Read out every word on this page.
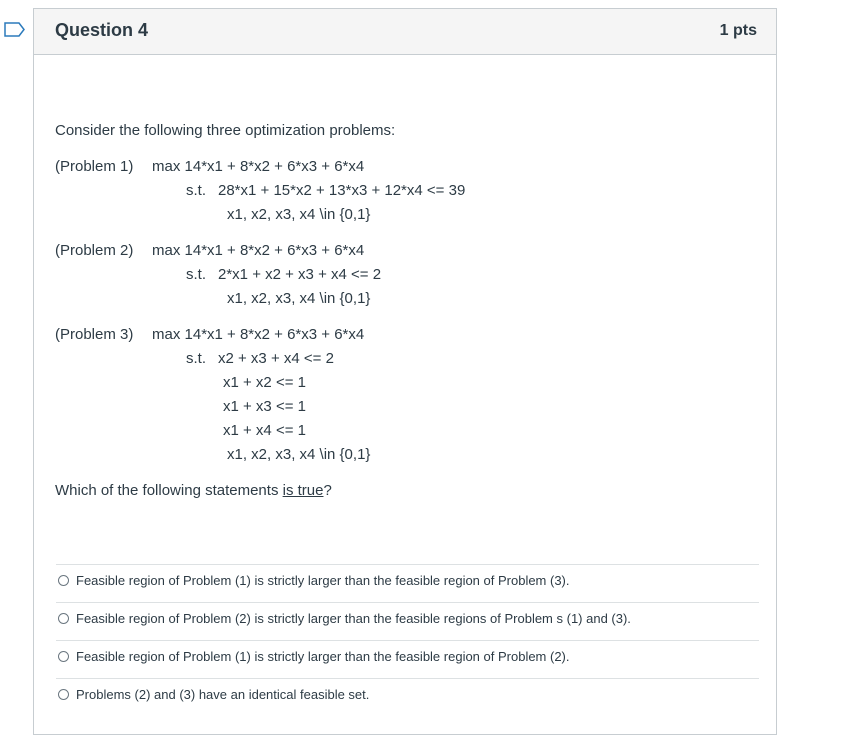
Question 4	1 pts
Consider the following three optimization problems:
(Problem 1) max 14*x1 + 8*x2 + 6*x3 + 6*x4
s.t. 28*x1 + 15*x2 + 13*x3 + 12*x4 <= 39
x1, x2, x3, x4 \in {0,1}
(Problem 2) max 14*x1 + 8*x2 + 6*x3 + 6*x4
s.t. 2*x1 + x2 + x3 + x4 <= 2
x1, x2, x3, x4 \in {0,1}
(Problem 3) max 14*x1 + 8*x2 + 6*x3 + 6*x4
s.t. x2 + x3 + x4 <= 2
x1 + x2 <= 1
x1 + x3 <= 1
x1 + x4 <= 1
x1, x2, x3, x4 \in {0,1}
Which of the following statements is true?
Feasible region of Problem (1) is strictly larger than the feasible region of Problem (3).
Feasible region of Problem (2) is strictly larger than the feasible regions of Problem s (1) and (3).
Feasible region of Problem (1) is strictly larger than the feasible region of Problem (2).
Problems (2) and (3) have an identical feasible set.
